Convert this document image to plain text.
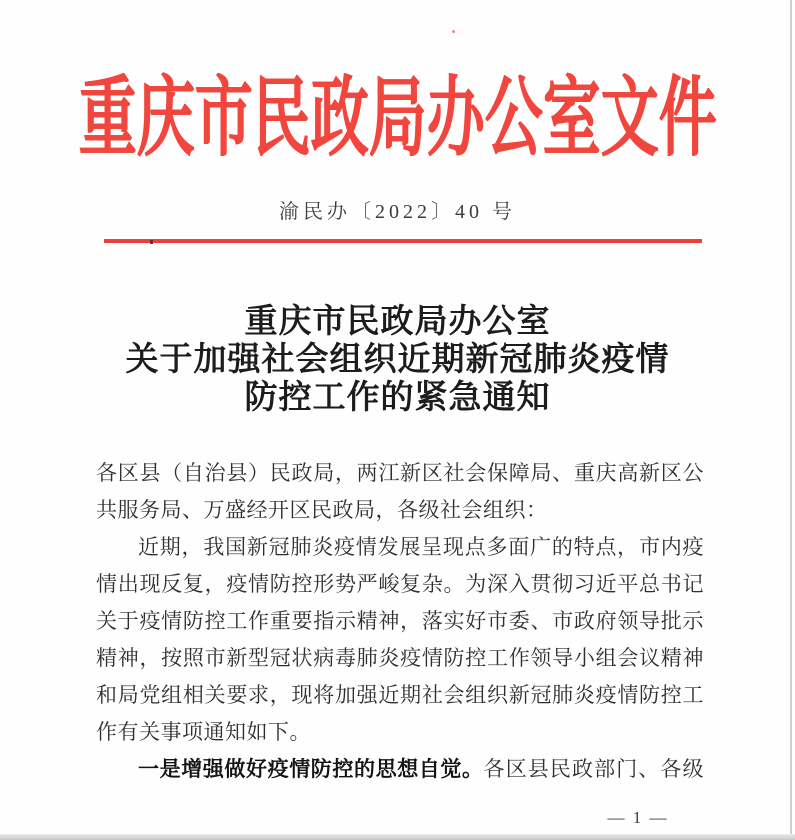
重庆市民政局办公室文件
渝民办〔2022〕40 号
重庆市民政局办公室
关于加强社会组织近期新冠肺炎疫情
防控工作的紧急通知
各区县（自治县）民政局，两江新区社会保障局、重庆高新区公
共服务局、万盛经开区民政局，各级社会组织：
近期，我国新冠肺炎疫情发展呈现点多面广的特点，市内疫
情出现反复，疫情防控形势严峻复杂。为深入贯彻习近平总书记
关于疫情防控工作重要指示精神，落实好市委、市政府领导批示
精神，按照市新型冠状病毒肺炎疫情防控工作领导小组会议精神
和局党组相关要求，现将加强近期社会组织新冠肺炎疫情防控工
作有关事项通知如下。
一是增强做好疫情防控的思想自觉。各区县民政部门、各级
— 1 —
